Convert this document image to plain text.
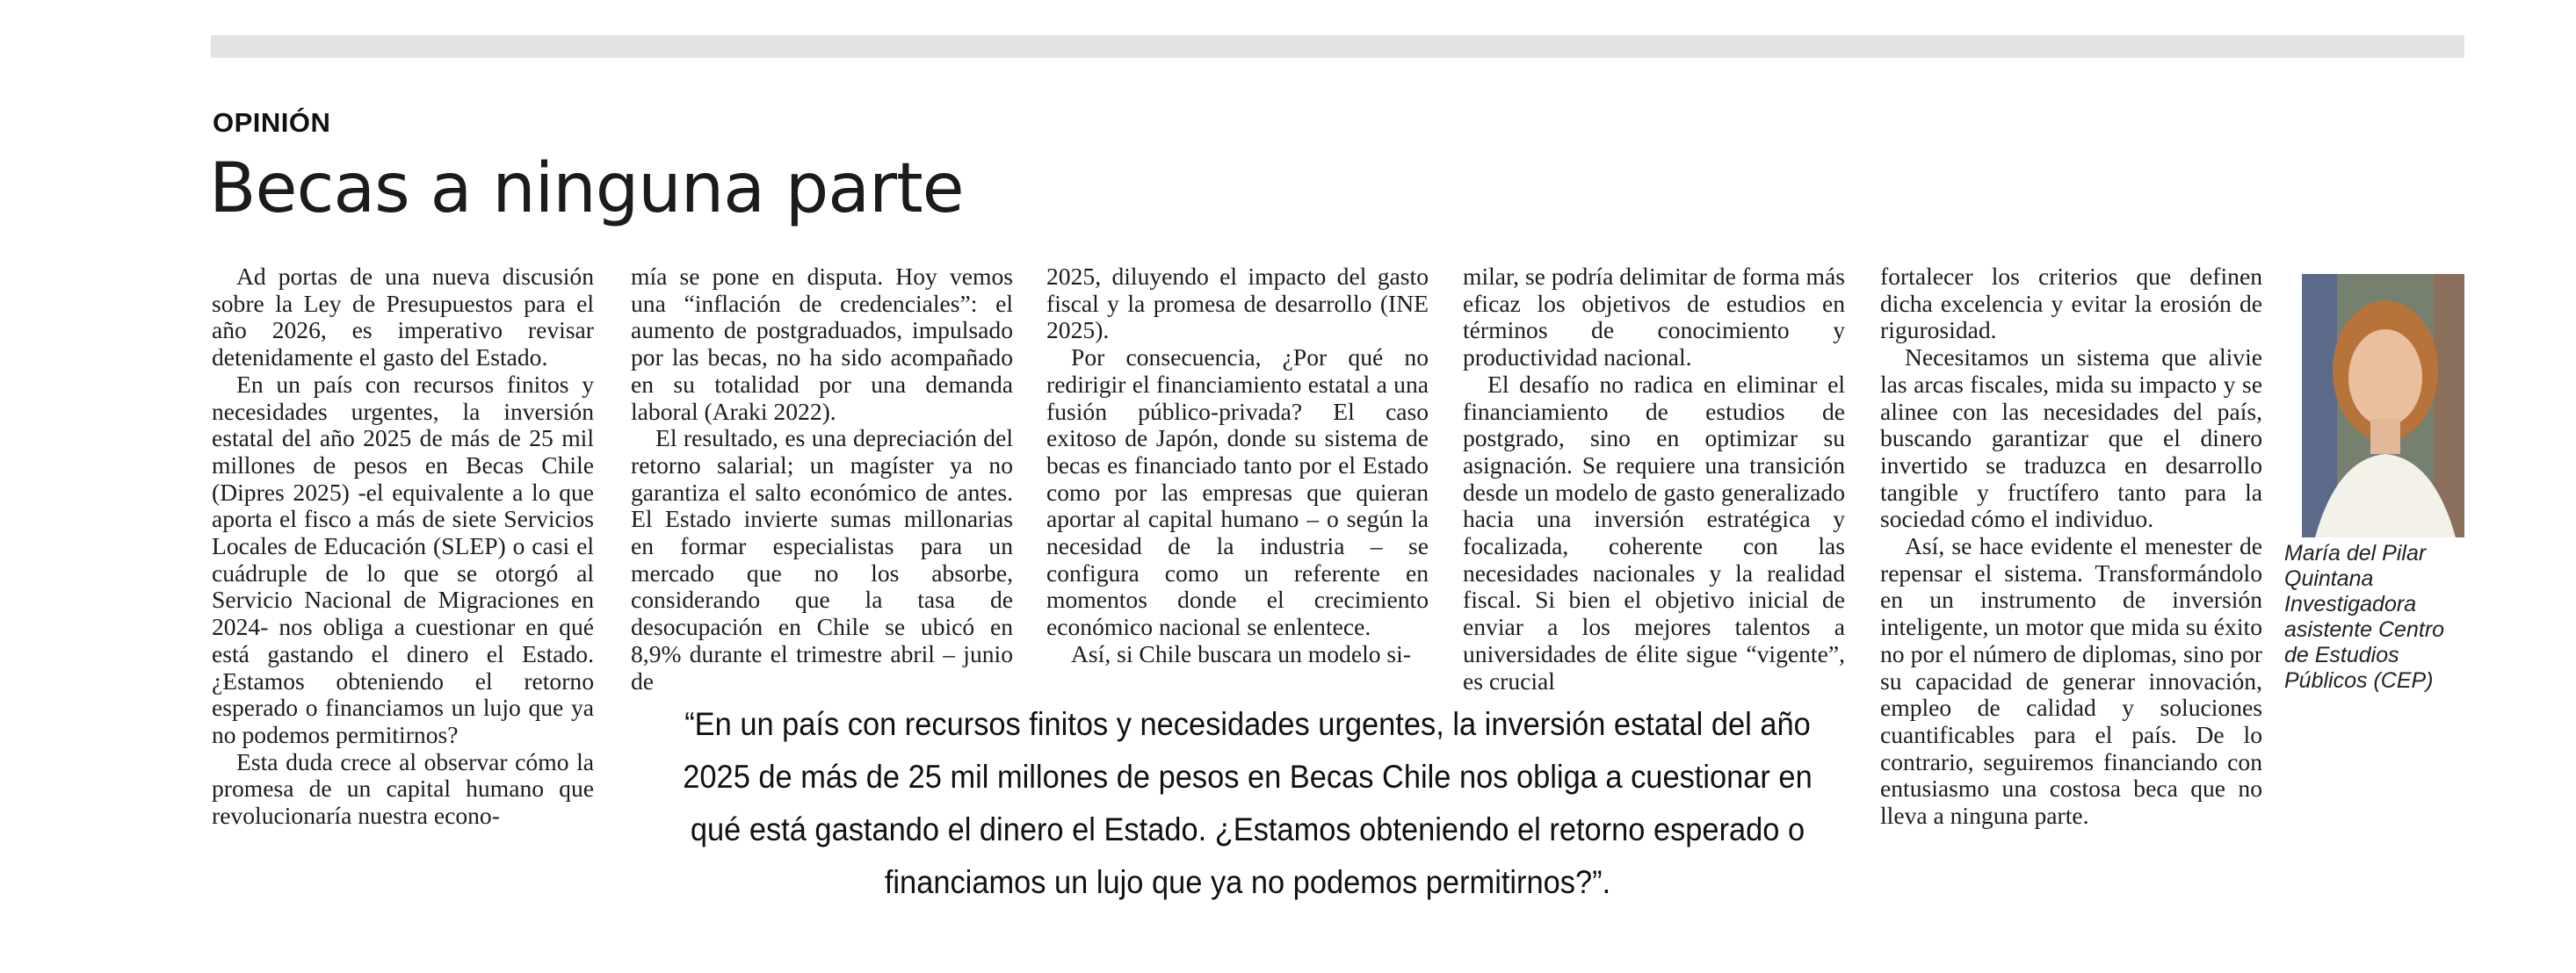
OPINIÓN
Becas a ninguna parte

Ad portas de una nueva discusión sobre la Ley de Presupuestos para el año 2026, es imperativo revisar detenidamente el gasto del Estado.

En un país con recursos finitos y necesidades urgentes, la inversión estatal del año 2025 de más de 25 mil millones de pesos en Becas Chile (Dipres 2025) -el equivalente a lo que aporta el fisco a más de siete Servicios Locales de Educación (SLEP) o casi el cuádruple de lo que se otorgó al Servicio Nacional de Migraciones en 2024- nos obliga a cuestionar en qué está gastando el dinero el Estado. ¿Estamos obteniendo el retorno esperado o financiamos un lujo que ya no podemos permitirnos?

Esta duda crece al observar cómo la promesa de un capital humano que revolucionaría nuestra econo-

mía se pone en disputa. Hoy vemos una “inflación de credenciales”: el aumento de postgraduados, impulsado por las becas, no ha sido acompañado en su totalidad por una demanda laboral (Araki 2022).

El resultado, es una depreciación del retorno salarial; un magíster ya no garantiza el salto económico de antes. El Estado invierte sumas millonarias en formar especialistas para un mercado que no los absorbe, considerando que la tasa de desocupación en Chile se ubicó en 8,9% durante el trimestre abril – junio de

2025, diluyendo el impacto del gasto fiscal y la promesa de desarrollo (INE 2025).

Por consecuencia, ¿Por qué no redirigir el financiamiento estatal a una fusión público-privada? El caso exitoso de Japón, donde su sistema de becas es financiado tanto por el Estado como por las empresas que quieran aportar al capital humano – o según la necesidad de la industria – se configura como un referente en momentos donde el crecimiento económico nacional se enlentece.

Así, si Chile buscara un modelo si-

milar, se podría delimitar de forma más eficaz los objetivos de estudios en términos de conocimiento y productividad nacional.

El desafío no radica en eliminar el financiamiento de estudios de postgrado, sino en optimizar su asignación. Se requiere una transición desde un modelo de gasto generalizado hacia una inversión estratégica y focalizada, coherente con las necesidades nacionales y la realidad fiscal. Si bien el objetivo inicial de enviar a los mejores talentos a universidades de élite sigue “vigente”, es crucial

fortalecer los criterios que definen dicha excelencia y evitar la erosión de rigurosidad.

Necesitamos un sistema que alivie las arcas fiscales, mida su impacto y se alinee con las necesidades del país, buscando garantizar que el dinero invertido se traduzca en desarrollo tangible y fructífero tanto para la sociedad cómo el individuo.

Así, se hace evidente el menester de repensar el sistema. Transformándolo en un instrumento de inversión inteligente, un motor que mida su éxito no por el número de diplomas, sino por su capacidad de generar innovación, empleo de calidad y soluciones cuantificables para el país. De lo contrario, seguiremos financiando con entusiasmo una costosa beca que no lleva a ninguna parte.

“En un país con recursos finitos y necesidades urgentes, la inversión estatal del año 2025 de más de 25 mil millones de pesos en Becas Chile nos obliga a cuestionar en qué está gastando el dinero el Estado. ¿Estamos obteniendo el retorno esperado o financiamos un lujo que ya no podemos permitirnos?”.
María del Pilar Quintana
Investigadora asistente Centro de Estudios Públicos (CEP)
